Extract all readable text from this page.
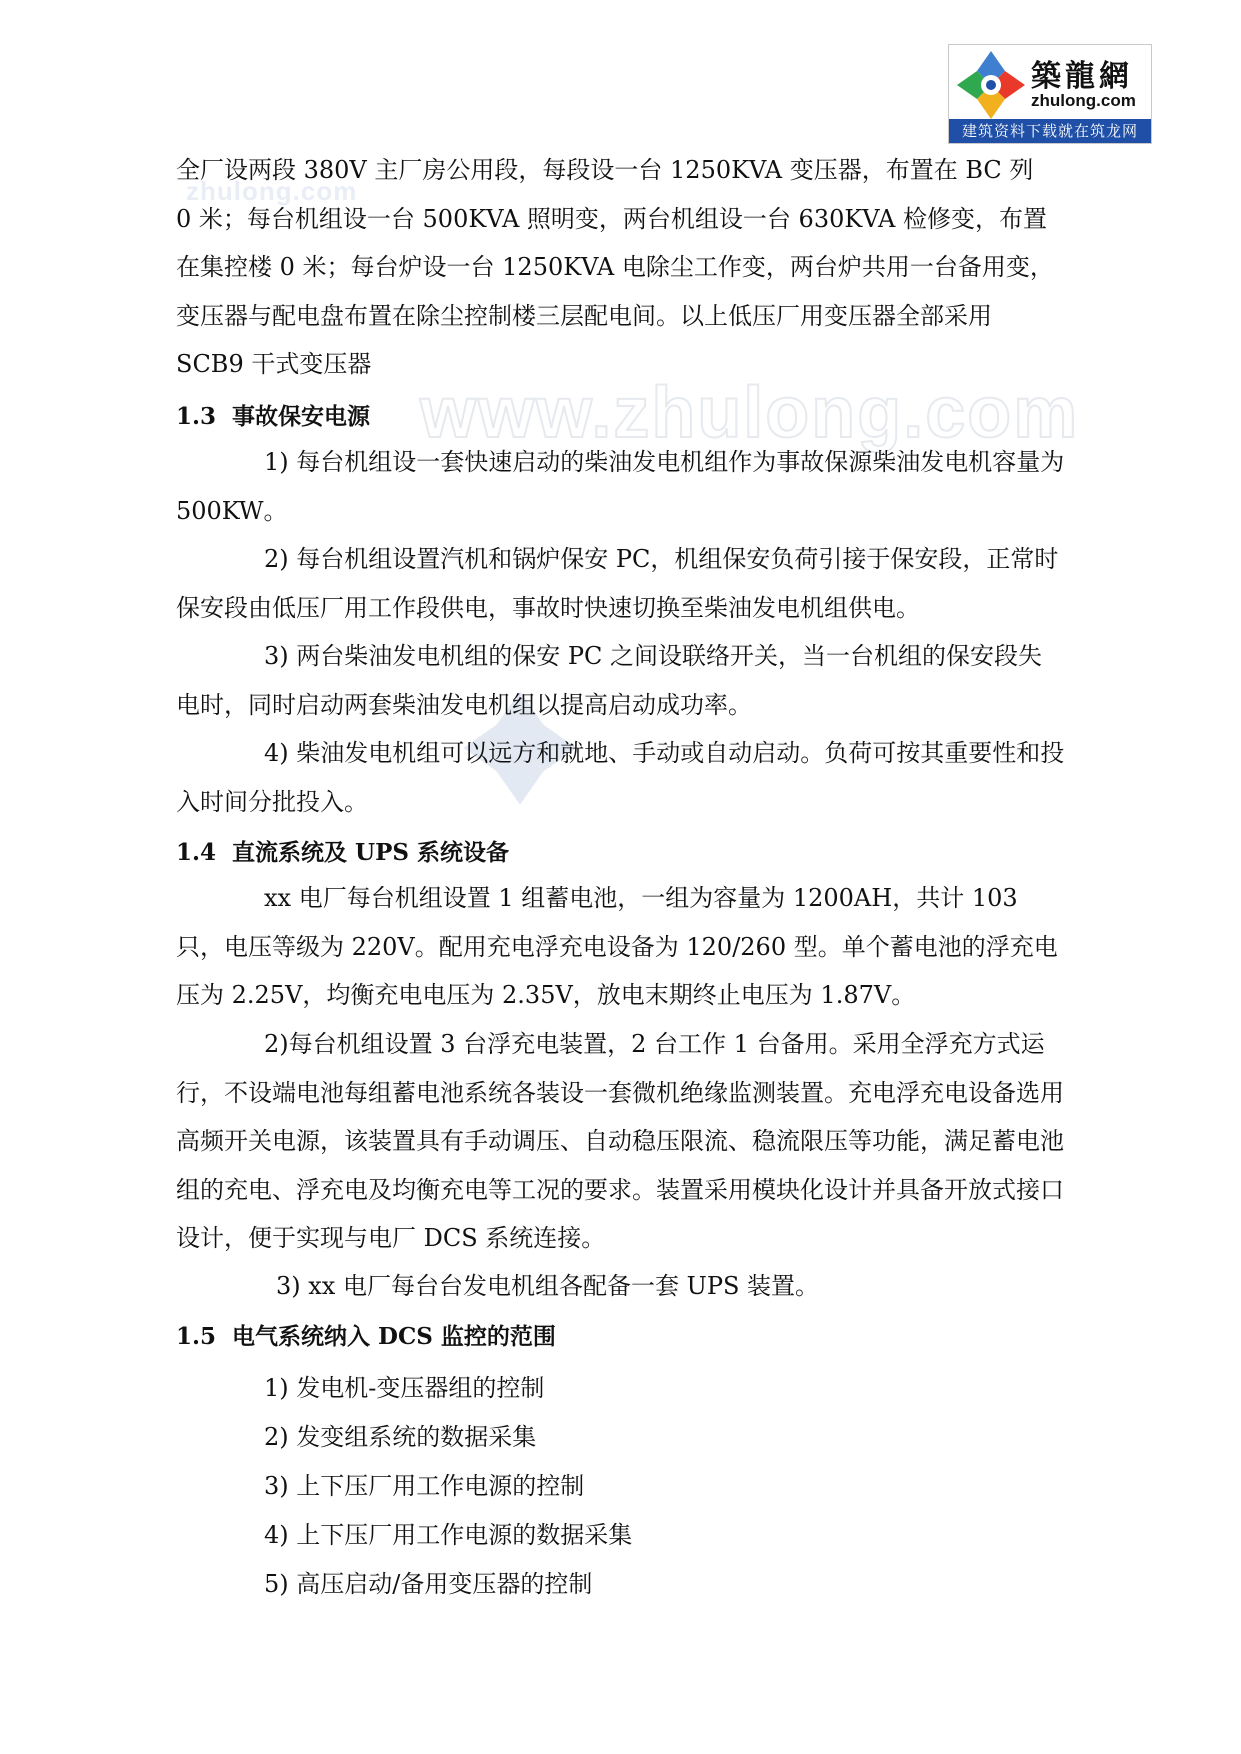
zhulong.com
www.zhulong.com
築龍網
zhulong.com
建筑资料下载就在筑龙网

全厂设两段 380V 主厂房公用段，每段设一台 1250KVA 变压器，布置在 BC 列 0 米；每台机组设一台 500KVA 照明变，两台机组设一台 630KVA 检修变，布置在集控楼 0 米；每台炉设一台 1250KVA 电除尘工作变，两台炉共用一台备用变，变压器与配电盘布置在除尘控制楼三层配电间。以上低压厂用变压器全部采用 SCB9 干式变压器

1.3 事故保安电源

1) 每台机组设一套快速启动的柴油发电机组作为事故保源柴油发电机容量为 500KW。

2) 每台机组设置汽机和锅炉保安 PC，机组保安负荷引接于保安段，正常时保安段由低压厂用工作段供电，事故时快速切换至柴油发电机组供电。

3) 两台柴油发电机组的保安 PC 之间设联络开关，当一台机组的保安段失电时，同时启动两套柴油发电机组以提高启动成功率。

4) 柴油发电机组可以远方和就地、手动或自动启动。负荷可按其重要性和投入时间分批投入。

1.4 直流系统及 UPS 系统设备

xx 电厂每台机组设置 1 组蓄电池，一组为容量为 1200AH，共计 103 只，电压等级为 220V。配用充电浮充电设备为 120/260 型。单个蓄电池的浮充电压为 2.25V，均衡充电电压为 2.35V，放电末期终止电压为 1.87V。

2)每台机组设置 3 台浮充电装置，2 台工作 1 台备用。采用全浮充方式运行，不设端电池每组蓄电池系统各装设一套微机绝缘监测装置。充电浮充电设备选用高频开关电源，该装置具有手动调压、自动稳压限流、稳流限压等功能，满足蓄电池组的充电、浮充电及均衡充电等工况的要求。装置采用模块化设计并具备开放式接口设计，便于实现与电厂 DCS 系统连接。

3) xx 电厂每台台发电机组各配备一套 UPS 装置。

1.5 电气系统纳入 DCS 监控的范围

1) 发电机-变压器组的控制

2) 发变组系统的数据采集

3) 上下压厂用工作电源的控制

4) 上下压厂用工作电源的数据采集

5) 高压启动/备用变压器的控制
